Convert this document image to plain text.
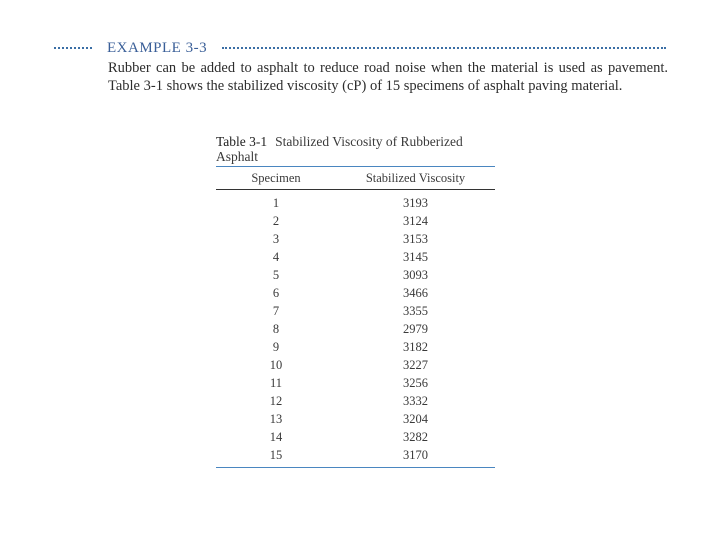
EXAMPLE 3-3
Rubber can be added to asphalt to reduce road noise when the material is used as pavement. Table 3-1 shows the stabilized viscosity (cP) of 15 specimens of asphalt paving material.
Table 3-1 Stabilized Viscosity of Rubberized Asphalt
Specimen	Stabilized Viscosity
1	3193
2	3124
3	3153
4	3145
5	3093
6	3466
7	3355
8	2979
9	3182
10	3227
11	3256
12	3332
13	3204
14	3282
15	3170
